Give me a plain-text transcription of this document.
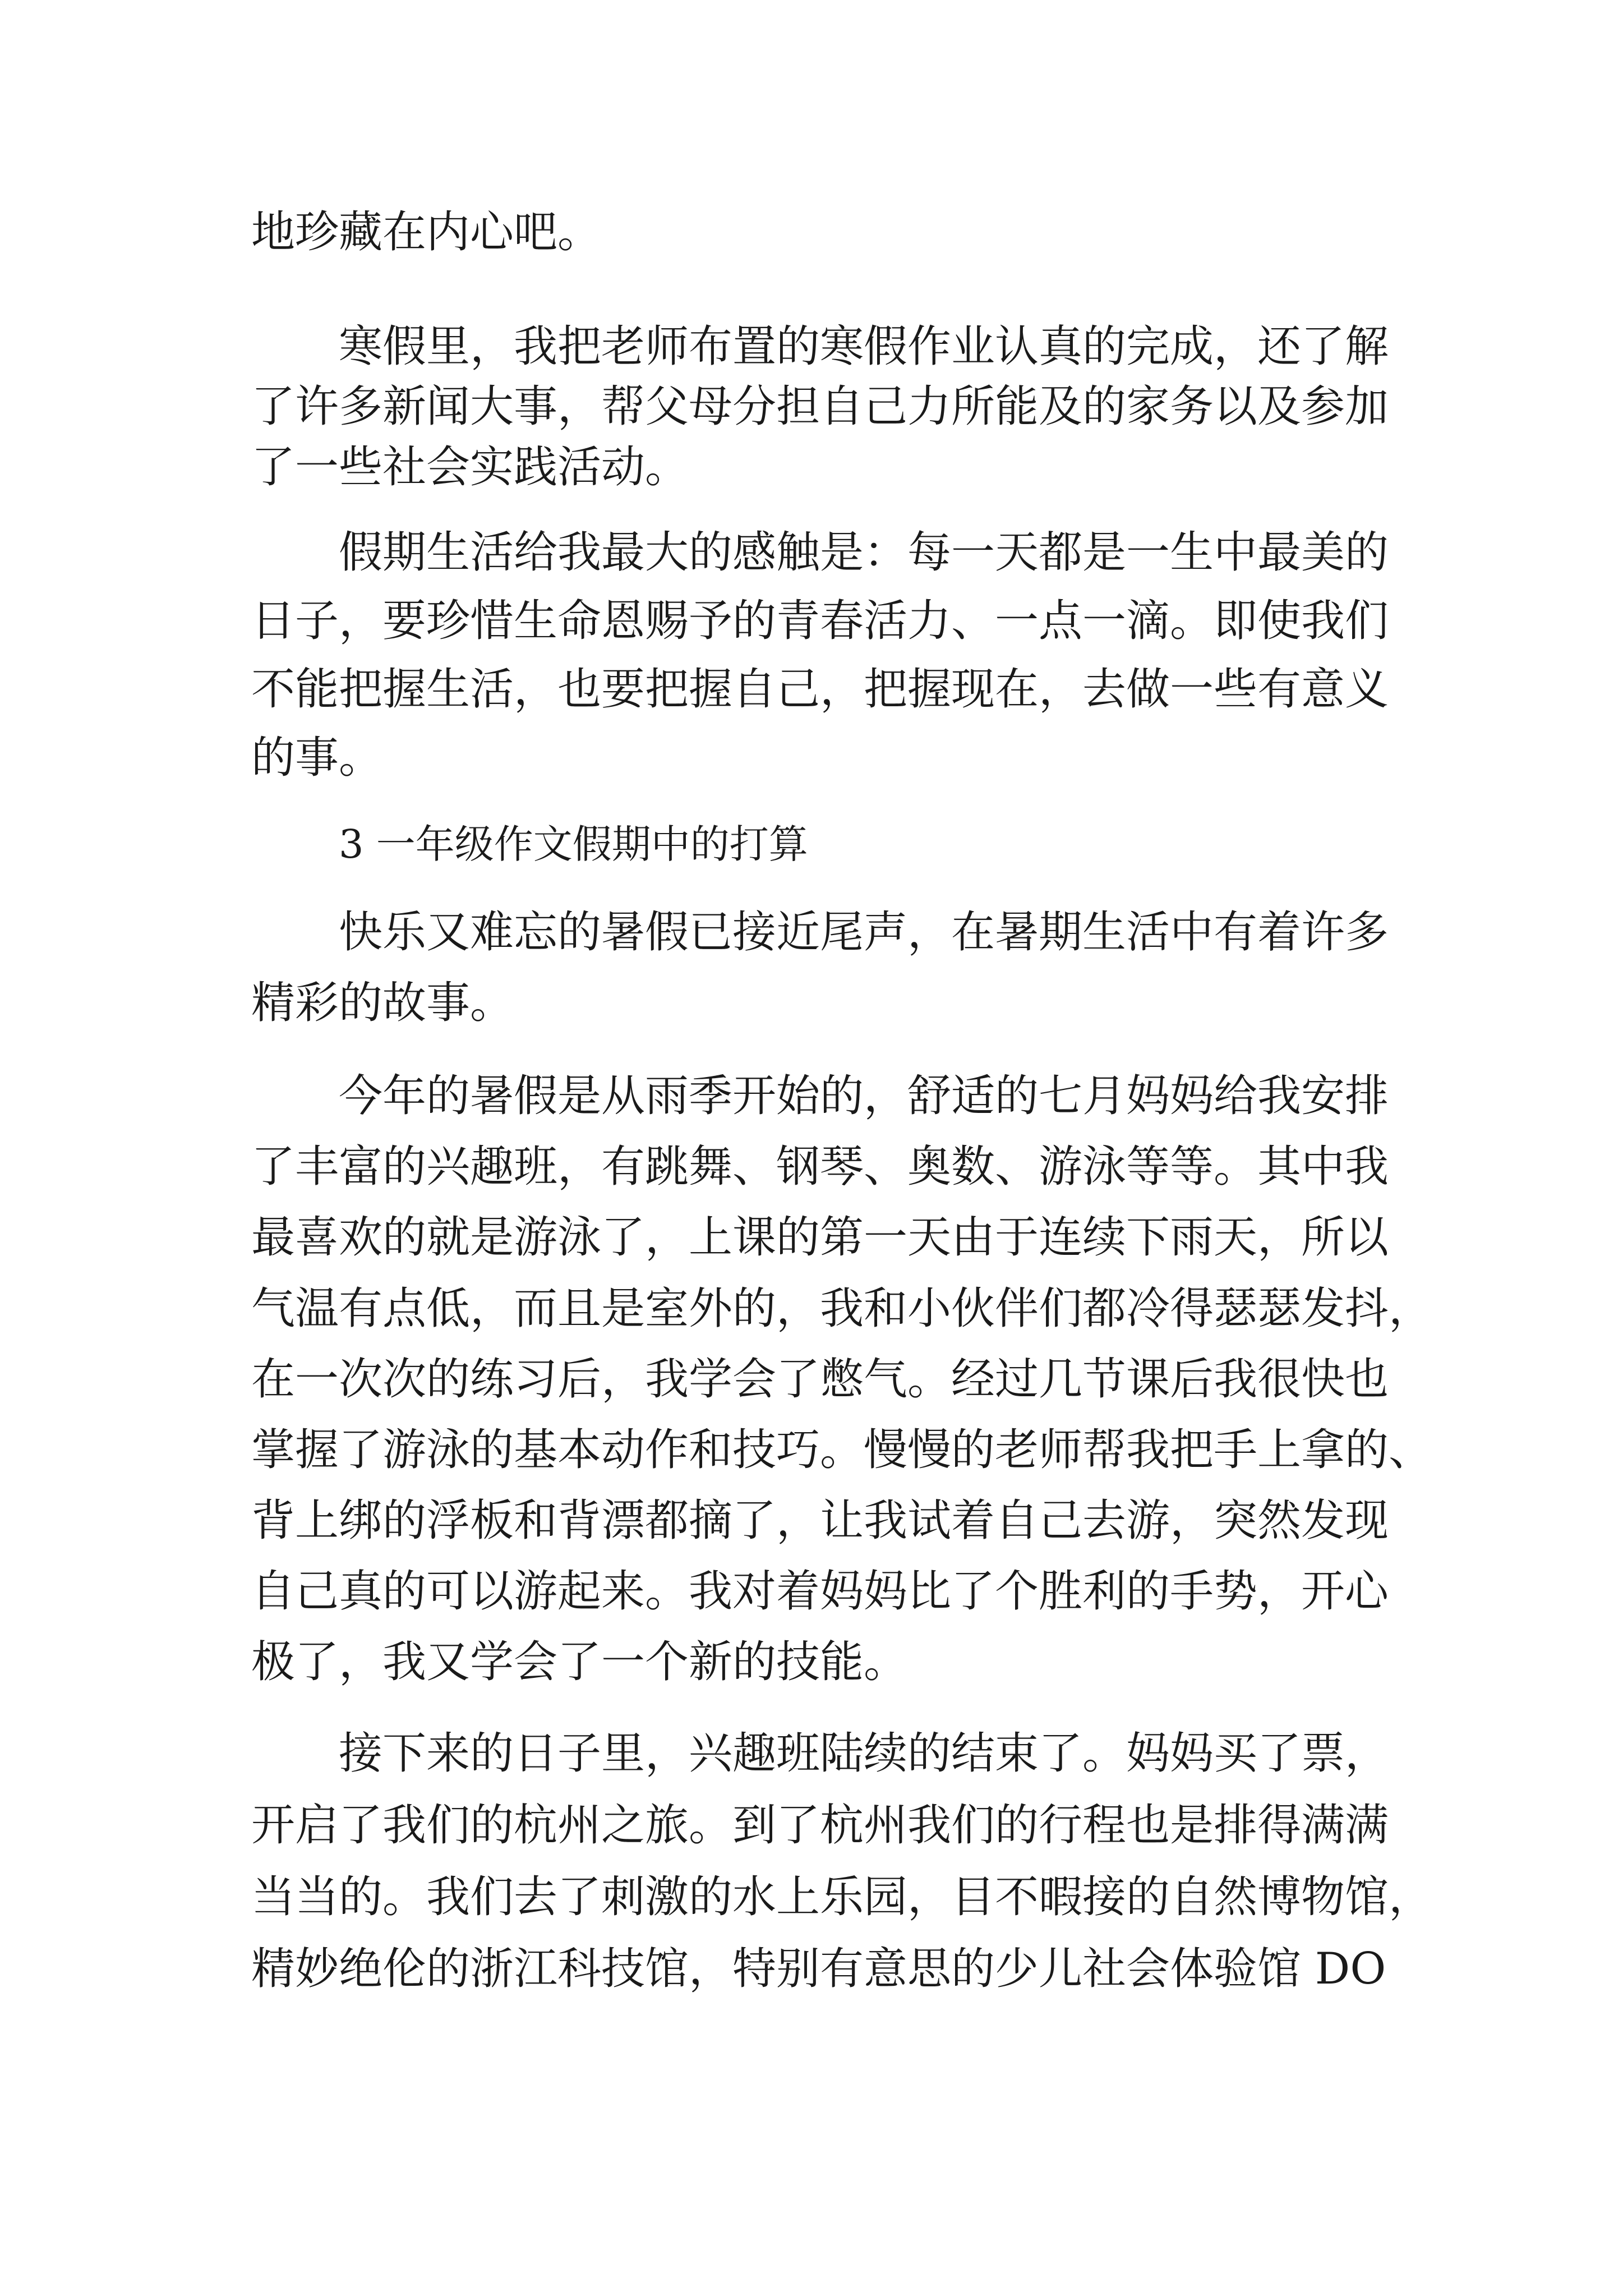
地珍藏在内心吧。
寒假里，我把老师布置的寒假作业认真的完成，还了解
了许多新闻大事，帮父母分担自己力所能及的家务以及参加
了一些社会实践活动。
假期生活给我最大的感触是：每一天都是一生中最美的
日子，要珍惜生命恩赐予的青春活力、一点一滴。即使我们
不能把握生活，也要把握自己，把握现在，去做一些有意义
的事。
3 一年级作文假期中的打算
快乐又难忘的暑假已接近尾声，在暑期生活中有着许多
精彩的故事。
今年的暑假是从雨季开始的，舒适的七月妈妈给我安排
了丰富的兴趣班，有跳舞、钢琴、奥数、游泳等等。其中我
最喜欢的就是游泳了，上课的第一天由于连续下雨天，所以
气温有点低，而且是室外的，我和小伙伴们都冷得瑟瑟发抖，
在一次次的练习后，我学会了憋气。经过几节课后我很快也
掌握了游泳的基本动作和技巧。慢慢的老师帮我把手上拿的、
背上绑的浮板和背漂都摘了，让我试着自己去游，突然发现
自己真的可以游起来。我对着妈妈比了个胜利的手势，开心
极了，我又学会了一个新的技能。
接下来的日子里，兴趣班陆续的结束了。妈妈买了票，
开启了我们的杭州之旅。到了杭州我们的行程也是排得满满
当当的。我们去了刺激的水上乐园，目不暇接的自然博物馆，
精妙绝伦的浙江科技馆，特别有意思的少儿社会体验馆 DO
